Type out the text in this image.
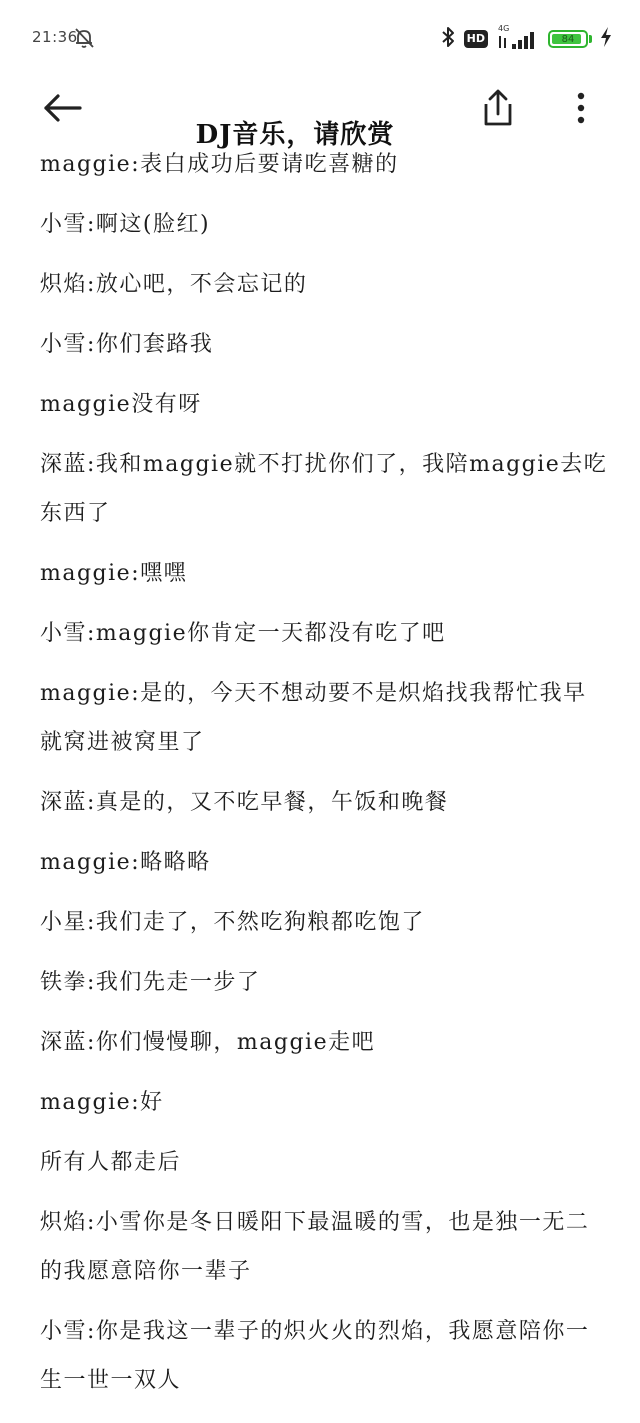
21:36	HD
4G
84
DJ音乐，请欣赏
maggie:表白成功后要请吃喜糖的
小雪:啊这(脸红)
炽焰:放心吧，不会忘记的
小雪:你们套路我
maggie没有呀
深蓝:我和maggie就不打扰你们了，我陪maggie去吃东西了
maggie:嘿嘿
小雪:maggie你肯定一天都没有吃了吧
maggie:是的，今天不想动要不是炽焰找我帮忙我早就窝进被窝里了
深蓝:真是的，又不吃早餐，午饭和晚餐
maggie:略略略
小星:我们走了，不然吃狗粮都吃饱了
铁拳:我们先走一步了
深蓝:你们慢慢聊，maggie走吧
maggie:好
所有人都走后
炽焰:小雪你是冬日暖阳下最温暖的雪，也是独一无二的我愿意陪你一辈子
小雪:你是我这一辈子的炽火火的烈焰，我愿意陪你一生一世一双人
